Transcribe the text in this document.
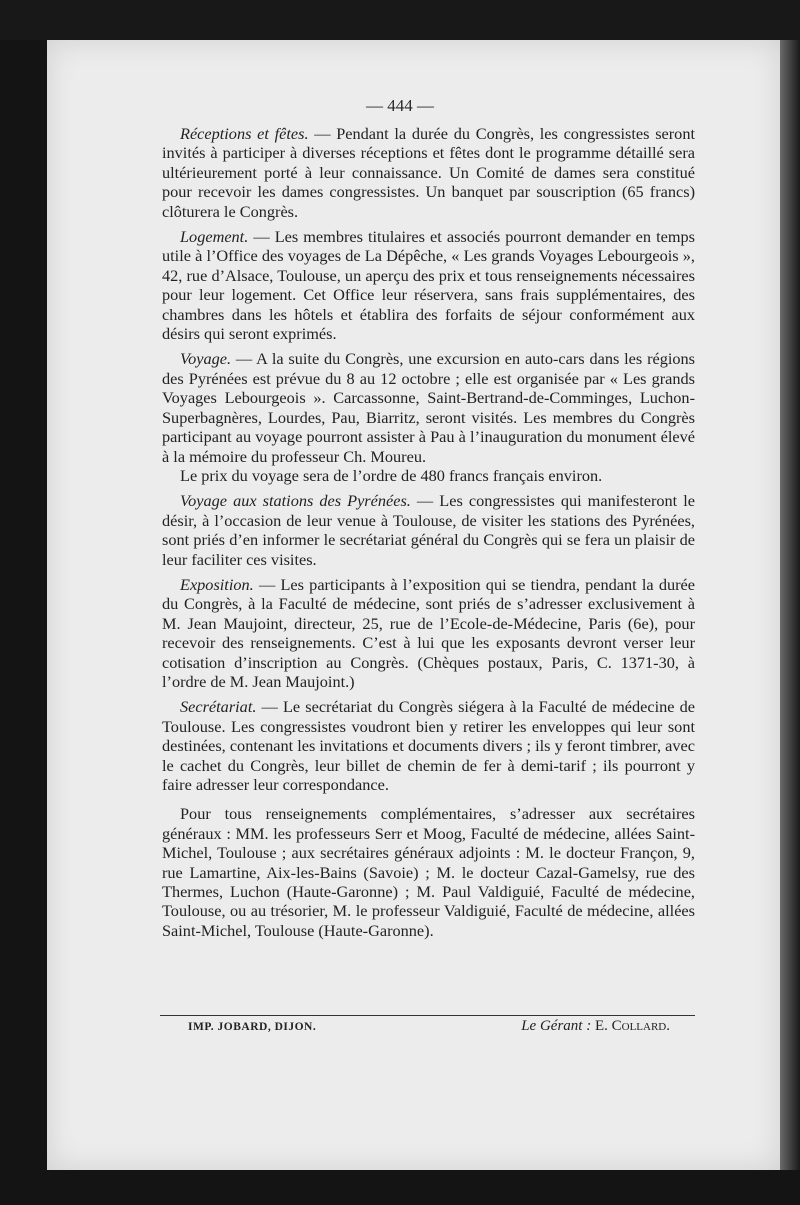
— 444 —

Réceptions et fêtes. — Pendant la durée du Congrès, les congressistes seront invités à participer à diverses réceptions et fêtes dont le programme détaillé sera ultérieurement porté à leur connaissance. Un Comité de dames sera constitué pour recevoir les dames congressistes. Un banquet par souscription (65 francs) clôturera le Congrès.

Logement. — Les membres titulaires et associés pourront demander en temps utile à l’Office des voyages de La Dépêche, « Les grands Voyages Lebourgeois », 42, rue d’Alsace, Toulouse, un aperçu des prix et tous renseignements nécessaires pour leur logement. Cet Office leur réservera, sans frais supplémentaires, des chambres dans les hôtels et établira des forfaits de séjour conformément aux désirs qui seront exprimés.

Voyage. — A la suite du Congrès, une excursion en auto-cars dans les régions des Pyrénées est prévue du 8 au 12 octobre ; elle est organisée par « Les grands Voyages Lebourgeois ». Carcassonne, Saint-Bertrand-de-Comminges, Luchon-Superbagnères, Lourdes, Pau, Biarritz, seront visités. Les membres du Congrès participant au voyage pourront assister à Pau à l’inauguration du monument élevé à la mémoire du professeur Ch. Moureu.

Le prix du voyage sera de l’ordre de 480 francs français environ.

Voyage aux stations des Pyrénées. — Les congressistes qui manifesteront le désir, à l’occasion de leur venue à Toulouse, de visiter les stations des Pyrénées, sont priés d’en informer le secrétariat général du Congrès qui se fera un plaisir de leur faciliter ces visites.

Exposition. — Les participants à l’exposition qui se tiendra, pendant la durée du Congrès, à la Faculté de médecine, sont priés de s’adresser exclusivement à M. Jean Maujoint, directeur, 25, rue de l’Ecole-de-Médecine, Paris (6e), pour recevoir des renseignements. C’est à lui que les exposants devront verser leur cotisation d’inscription au Congrès. (Chèques postaux, Paris, C. 1371-30, à l’ordre de M. Jean Maujoint.)

Secrétariat. — Le secrétariat du Congrès siégera à la Faculté de médecine de Toulouse. Les congressistes voudront bien y retirer les enveloppes qui leur sont destinées, contenant les invitations et documents divers ; ils y feront timbrer, avec le cachet du Congrès, leur billet de chemin de fer à demi-tarif ; ils pourront y faire adresser leur correspondance.

Pour tous renseignements complémentaires, s’adresser aux secrétaires généraux : MM. les professeurs Serr et Moog, Faculté de médecine, allées Saint-Michel, Toulouse ; aux secrétaires généraux adjoints : M. le docteur Françon, 9, rue Lamartine, Aix-les-Bains (Savoie) ; M. le docteur Cazal-Gamelsy, rue des Thermes, Luchon (Haute-Garonne) ; M. Paul Valdiguié, Faculté de médecine, Toulouse, ou au trésorier, M. le professeur Valdiguié, Faculté de médecine, allées Saint-Michel, Toulouse (Haute-Garonne).

IMP. JOBARD, DIJON.	Le Gérant : E. Collard.
